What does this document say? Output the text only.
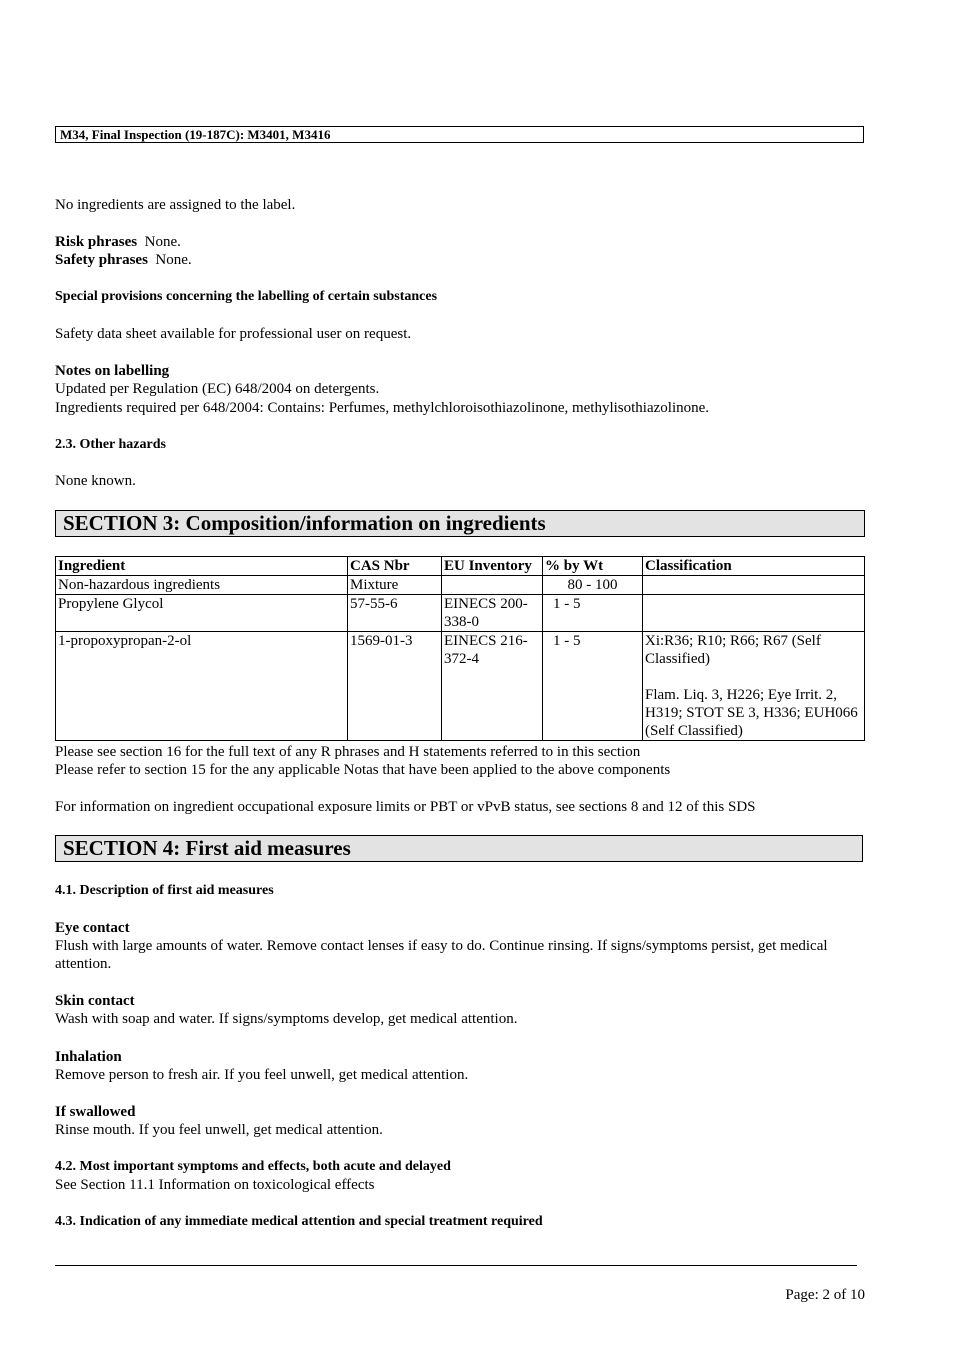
M34, Final Inspection (19-187C): M3401, M3416
No ingredients are assigned to the label.
Risk phrases None.
Safety phrases None.
Special provisions concerning the labelling of certain substances
Safety data sheet available for professional user on request.
Notes on labelling
Updated per Regulation (EC) 648/2004 on detergents.
Ingredients required per 648/2004: Contains: Perfumes, methylchloroisothiazolinone, methylisothiazolinone.
2.3. Other hazards
None known.
SECTION 3: Composition/information on ingredients
Ingredient	CAS Nbr	EU Inventory	% by Wt	Classification
Non-hazardous ingredients	Mixture		80 - 100	
Propylene Glycol	57-55-6	EINECS 200-338-0	1 - 5	
1-propoxypropan-2-ol	1569-01-3	EINECS 216-372-4	1 - 5	Xi:R36; R10; R66; R67 (Self Classified)
Flam. Liq. 3, H226; Eye Irrit. 2, H319; STOT SE 3, H336; EUH066 (Self Classified)
Please see section 16 for the full text of any R phrases and H statements referred to in this section
Please refer to section 15 for the any applicable Notas that have been applied to the above components
For information on ingredient occupational exposure limits or PBT or vPvB status, see sections 8 and 12 of this SDS
SECTION 4: First aid measures
4.1. Description of first aid measures
Eye contact
Flush with large amounts of water. Remove contact lenses if easy to do. Continue rinsing. If signs/symptoms persist, get medical attention.
Skin contact
Wash with soap and water. If signs/symptoms develop, get medical attention.
Inhalation
Remove person to fresh air. If you feel unwell, get medical attention.
If swallowed
Rinse mouth. If you feel unwell, get medical attention.
4.2. Most important symptoms and effects, both acute and delayed
See Section 11.1 Information on toxicological effects
4.3. Indication of any immediate medical attention and special treatment required
Page: 2 of 10
